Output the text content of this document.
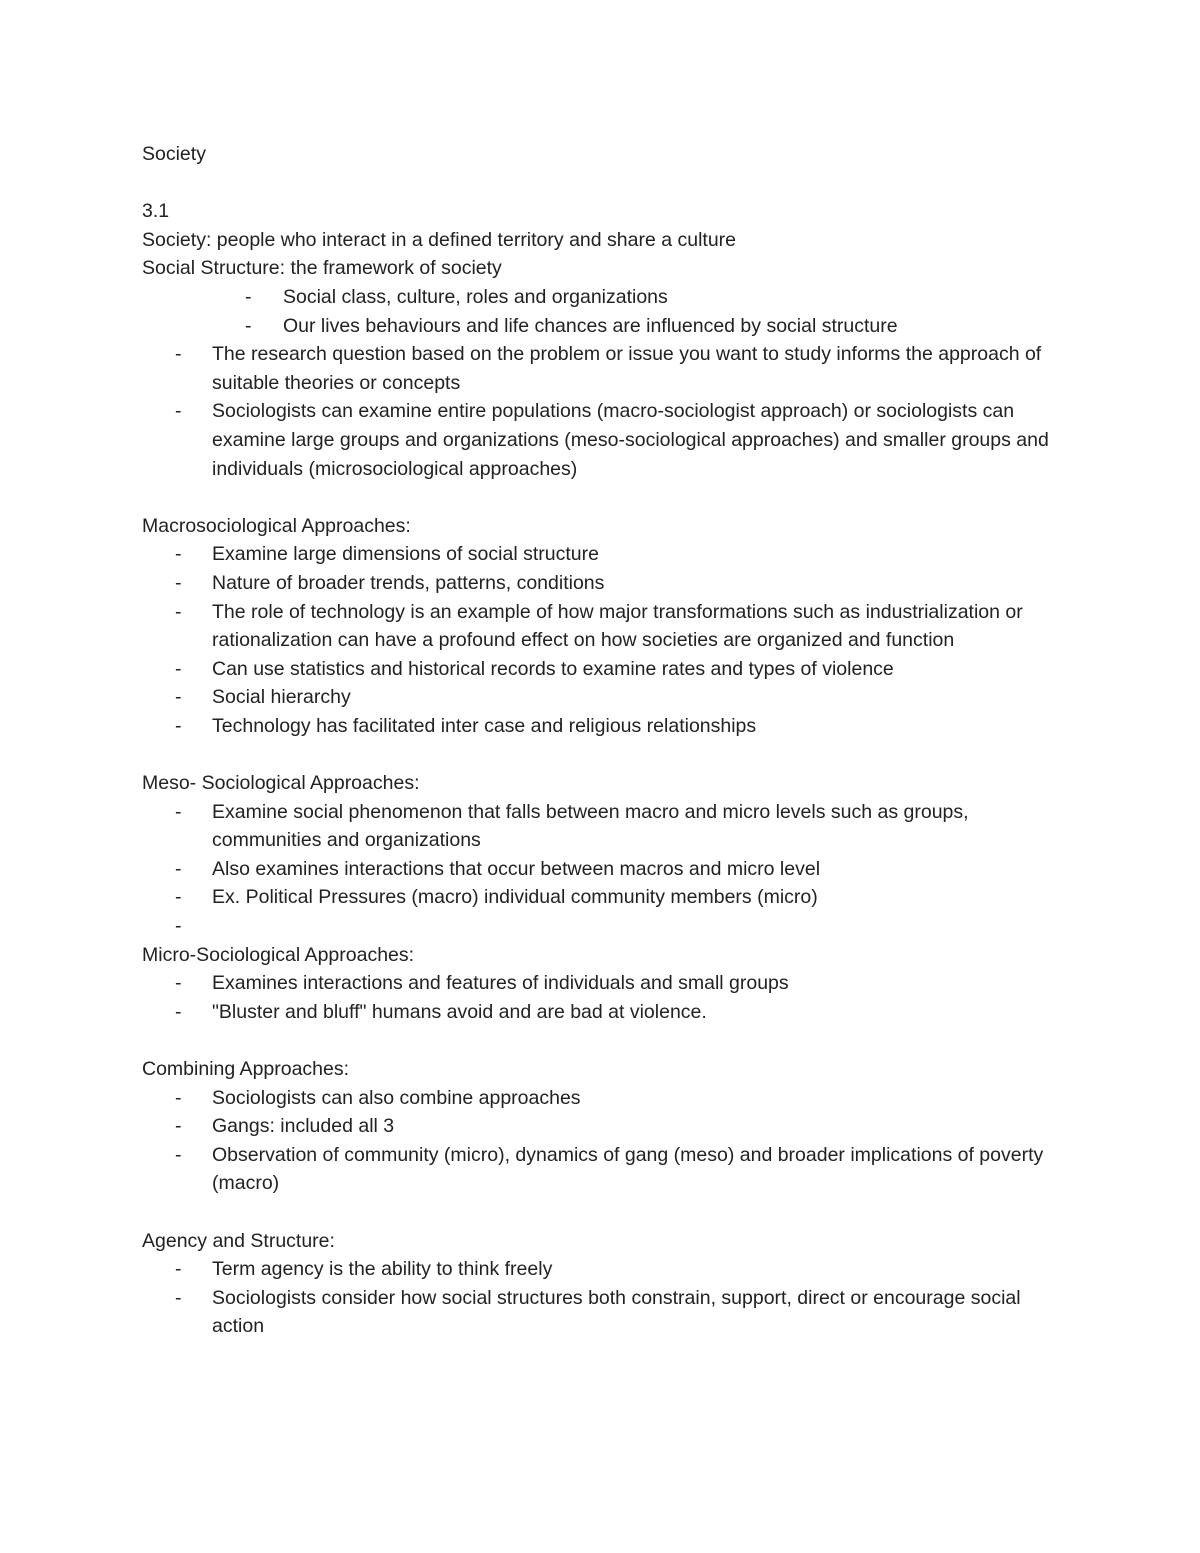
Society

3.1

Society: people who interact in a defined territory and share a culture

Social Structure: the framework of society

- Social class, culture, roles and organizations
- Our lives behaviours and life chances are influenced by social structure
- The research question based on the problem or issue you want to study informs the approach of suitable theories or concepts
- Sociologists can examine entire populations (macro-sociologist approach) or sociologists can examine large groups and organizations (meso-sociological approaches) and smaller groups and individuals (microsociological approaches)

Macrosociological Approaches:

- Examine large dimensions of social structure
- Nature of broader trends, patterns, conditions
- The role of technology is an example of how major transformations such as industrialization or rationalization can have a profound effect on how societies are organized and function
- Can use statistics and historical records to examine rates and types of violence
- Social hierarchy
- Technology has facilitated inter case and religious relationships

Meso- Sociological Approaches:

- Examine social phenomenon that falls between macro and micro levels such as groups, communities and organizations
- Also examines interactions that occur between macros and micro level
- Ex. Political Pressures (macro) individual community members (micro)
-

Micro-Sociological Approaches:

- Examines interactions and features of individuals and small groups
- "Bluster and bluff" humans avoid and are bad at violence.

Combining Approaches:

- Sociologists can also combine approaches
- Gangs: included all 3
- Observation of community (micro), dynamics of gang (meso) and broader implications of poverty (macro)

Agency and Structure:

- Term agency is the ability to think freely
- Sociologists consider how social structures both constrain, support, direct or encourage social action
